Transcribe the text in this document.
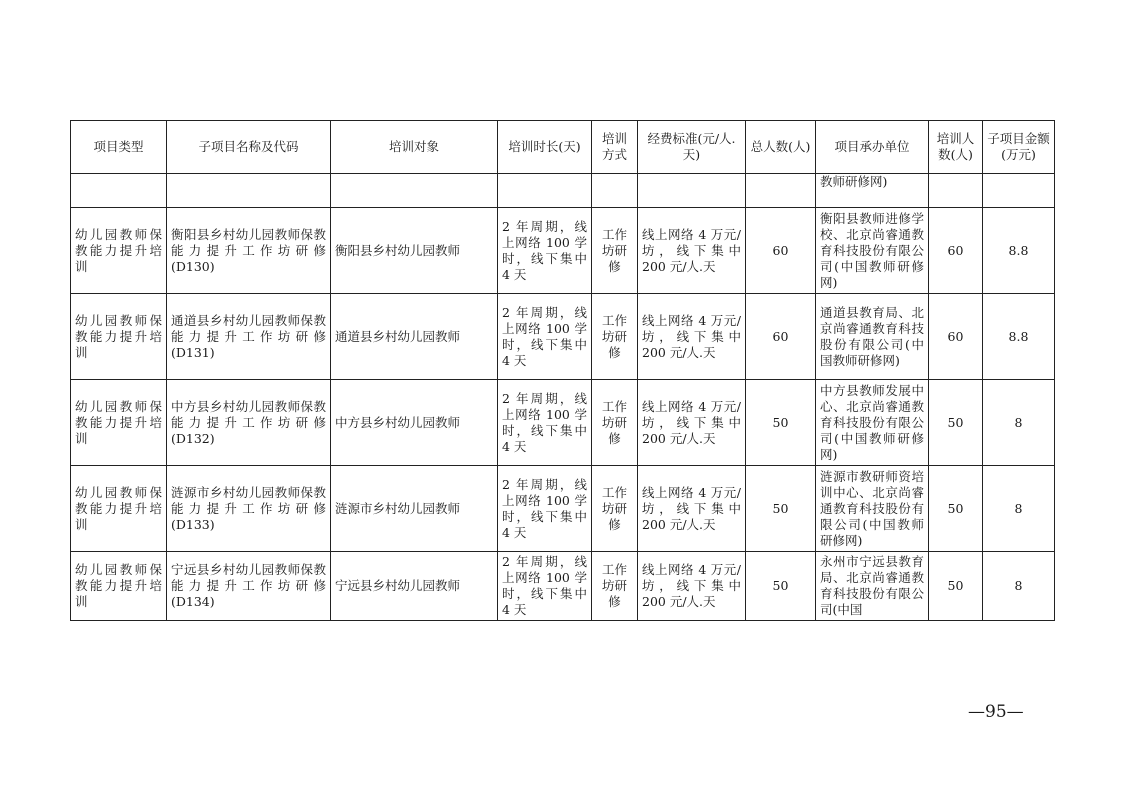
项目类型	子项目名称及代码	培训对象	培训时长(天)	培训方式	经费标准(元/人.天)	总人数(人)	项目承办单位	培训人数(人)	子项目金额(万元)
							教师研修网)		
幼儿园教师保教能力提升培训	衡阳县乡村幼儿园教师保教能力提升工作坊研修(D130)	衡阳县乡村幼儿园教师	2 年周期，线上网络 100 学时，线下集中 4 天	工作坊研修	线上网络 4 万元/坊，线下集中 200 元/人.天	60	衡阳县教师进修学校、北京尚睿通教育科技股份有限公司(中国教师研修网)	60	8.8
幼儿园教师保教能力提升培训	通道县乡村幼儿园教师保教能力提升工作坊研修(D131)	通道县乡村幼儿园教师	2 年周期，线上网络 100 学时，线下集中 4 天	工作坊研修	线上网络 4 万元/坊，线下集中 200 元/人.天	60	通道县教育局、北京尚睿通教育科技股份有限公司(中国教师研修网)	60	8.8
幼儿园教师保教能力提升培训	中方县乡村幼儿园教师保教能力提升工作坊研修(D132)	中方县乡村幼儿园教师	2 年周期，线上网络 100 学时，线下集中 4 天	工作坊研修	线上网络 4 万元/坊，线下集中 200 元/人.天	50	中方县教师发展中心、北京尚睿通教育科技股份有限公司(中国教师研修网)	50	8
幼儿园教师保教能力提升培训	涟源市乡村幼儿园教师保教能力提升工作坊研修(D133)	涟源市乡村幼儿园教师	2 年周期，线上网络 100 学时，线下集中 4 天	工作坊研修	线上网络 4 万元/坊，线下集中 200 元/人.天	50	涟源市教研师资培训中心、北京尚睿通教育科技股份有限公司(中国教师研修网)	50	8
幼儿园教师保教能力提升培训	宁远县乡村幼儿园教师保教能力提升工作坊研修(D134)	宁远县乡村幼儿园教师	2 年周期，线上网络 100 学时，线下集中 4 天	工作坊研修	线上网络 4 万元/坊，线下集中 200 元/人.天	50	永州市宁远县教育局、北京尚睿通教育科技股份有限公司(中国	50	8
—95—
